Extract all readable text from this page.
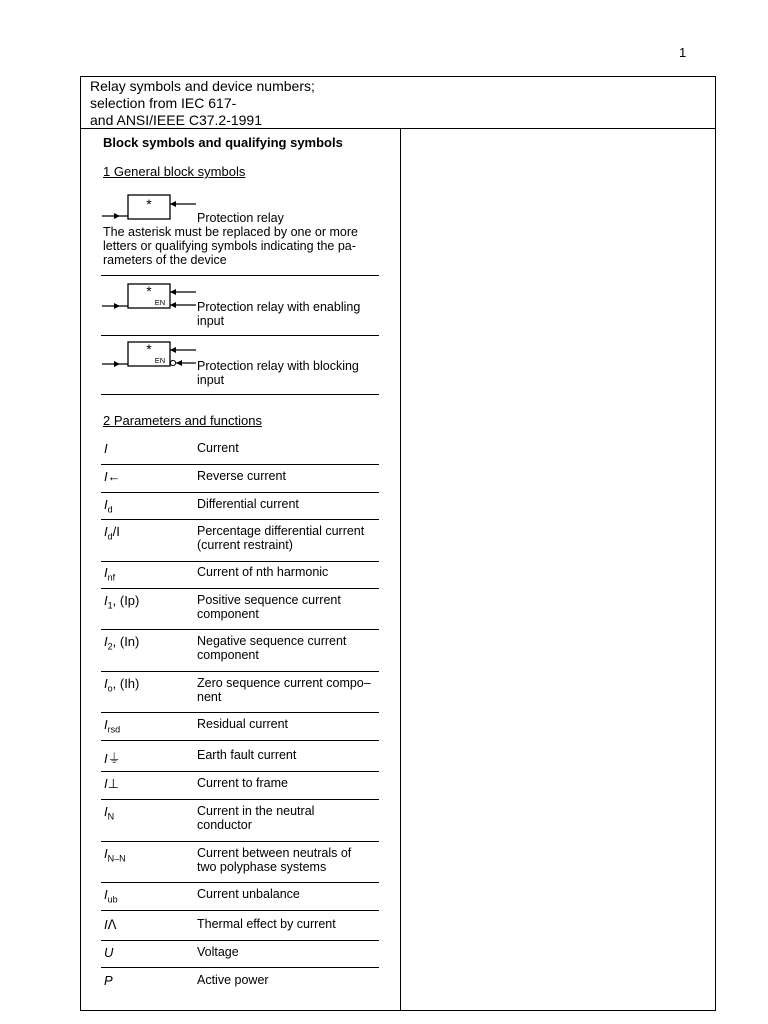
1
Relay symbols and device numbers;
selection from IEC 617-
and ANSI/IEEE C37.2-1991
Block symbols and qualifying symbols
1 General block symbols
*
Protection relay
The asterisk must be replaced by one or more
letters or qualifying symbols indicating the pa-
rameters of the device
*
EN	Protection relay with enabling
input
*
EN	Protection relay with blocking
input
2 Parameters and functions
I	Current
I←	Reverse current
$I_d$	Differential current
$I_d/I$	Percentage differential current
(current restraint)
$I_{nf}$	Current of nth harmonic
$I_1$, (Ip)	Positive sequence current
component
$I_2$, (In)	Negative sequence current
component
$I_o$, (Ih)	Zero sequence current compo–
nent
$I_{rsd}$	Residual current
I⏚	Earth fault current
I⊥	Current to frame
$I_N$	Current in the neutral
conductor
$I_{N-N}$	Current between neutrals of
two polyphase systems
$I_{ub}$	Current unbalance
Iⴷ	Thermal effect by current
U	Voltage
P	Active power
